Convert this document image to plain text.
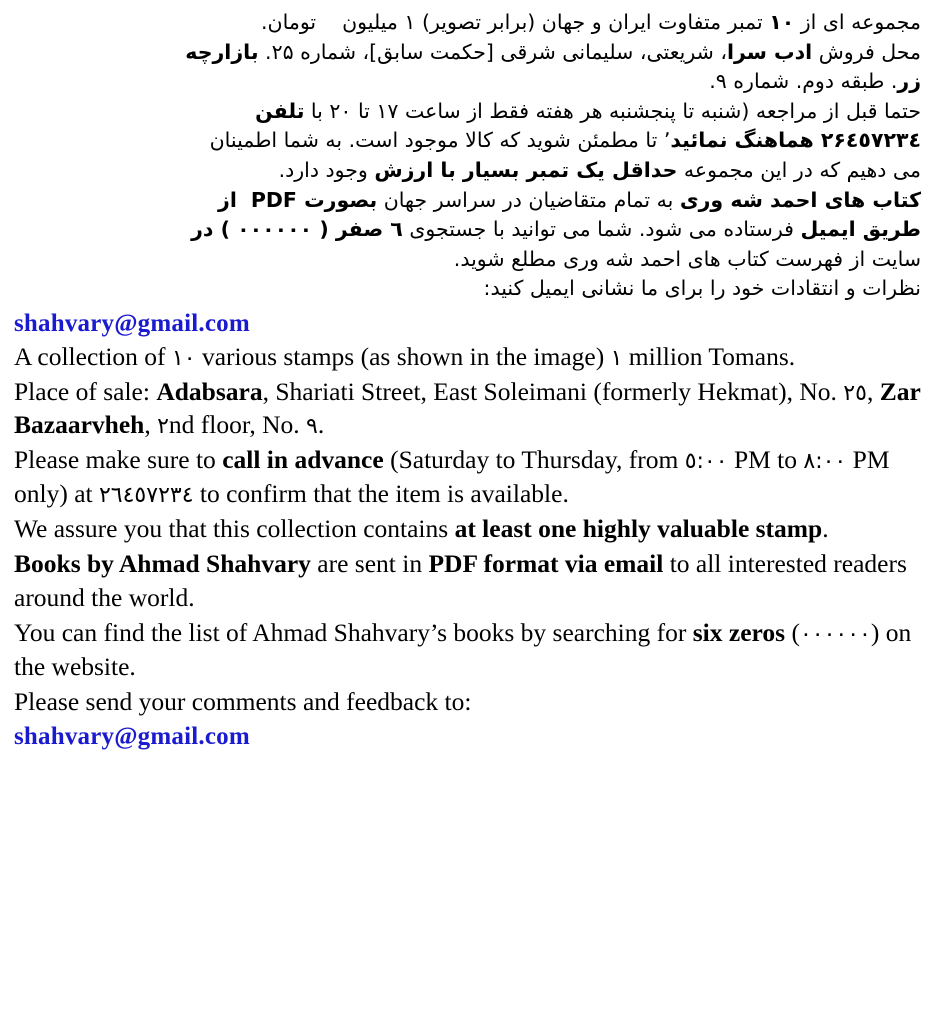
مجموعه ای از ۱۰ تمبر متفاوت ایران و جهان (برابر تصویر) ۱ میلیونتومان.

محل فروش ادب سرا، شریعتی، سلیمانی شرقی [حکمت سابق]، شماره ۲۵. بازارچه

زر. طبقه دوم. شماره ۹.

حتما قبل از مراجعه (شنبه تا پنجشنبه هر هفته فقط از ساعت ۱۷ تا ۲۰ با تلفن

۲۶٤٥۷۲۳٤ هماهنگ نمائید٬ تا مطمئن شوید که کالا موجود است. به شما اطمینان

می دهیم که در این مجموعه حداقل یک تمبر بسیار با ارزش وجود دارد.

کتاب های احمد شه وری به تمام متقاضیان در سراسر جهان بصورت PDFاز

طریق ایمیل فرستاده می شود. شما می توانید با جستجوی ٦ صفر ( ۰۰۰۰۰۰ ) در

سایت از فهرست کتاب های احمد شه وری مطلع شوید.

نظرات و انتقادات خود را برای ما نشانی ایمیل کنید:

shahvary@gmail.com

A collection of ١٠ various stamps (as shown in the image) ١ million Tomans.

Place of sale: Adabsara, Shariati Street, East Soleimani (formerly Hekmat), No. ٢٥, Zar Bazaarvheh, ٢nd floor, No. ٩.

Please make sure to call in advance (Saturday to Thursday, from ٥:٠٠ PM to ٨:٠٠ PM only) at ٢٦٤٥٧٢٣٤ to confirm that the item is available.

We assure you that this collection contains at least one highly valuable stamp.

Books by Ahmad Shahvary are sent in PDF format via email to all interested readers around the world.

You can find the list of Ahmad Shahvary’s books by searching for six zeros (٠٠٠٠٠٠) on the website.

Please send your comments and feedback to:

shahvary@gmail.com
